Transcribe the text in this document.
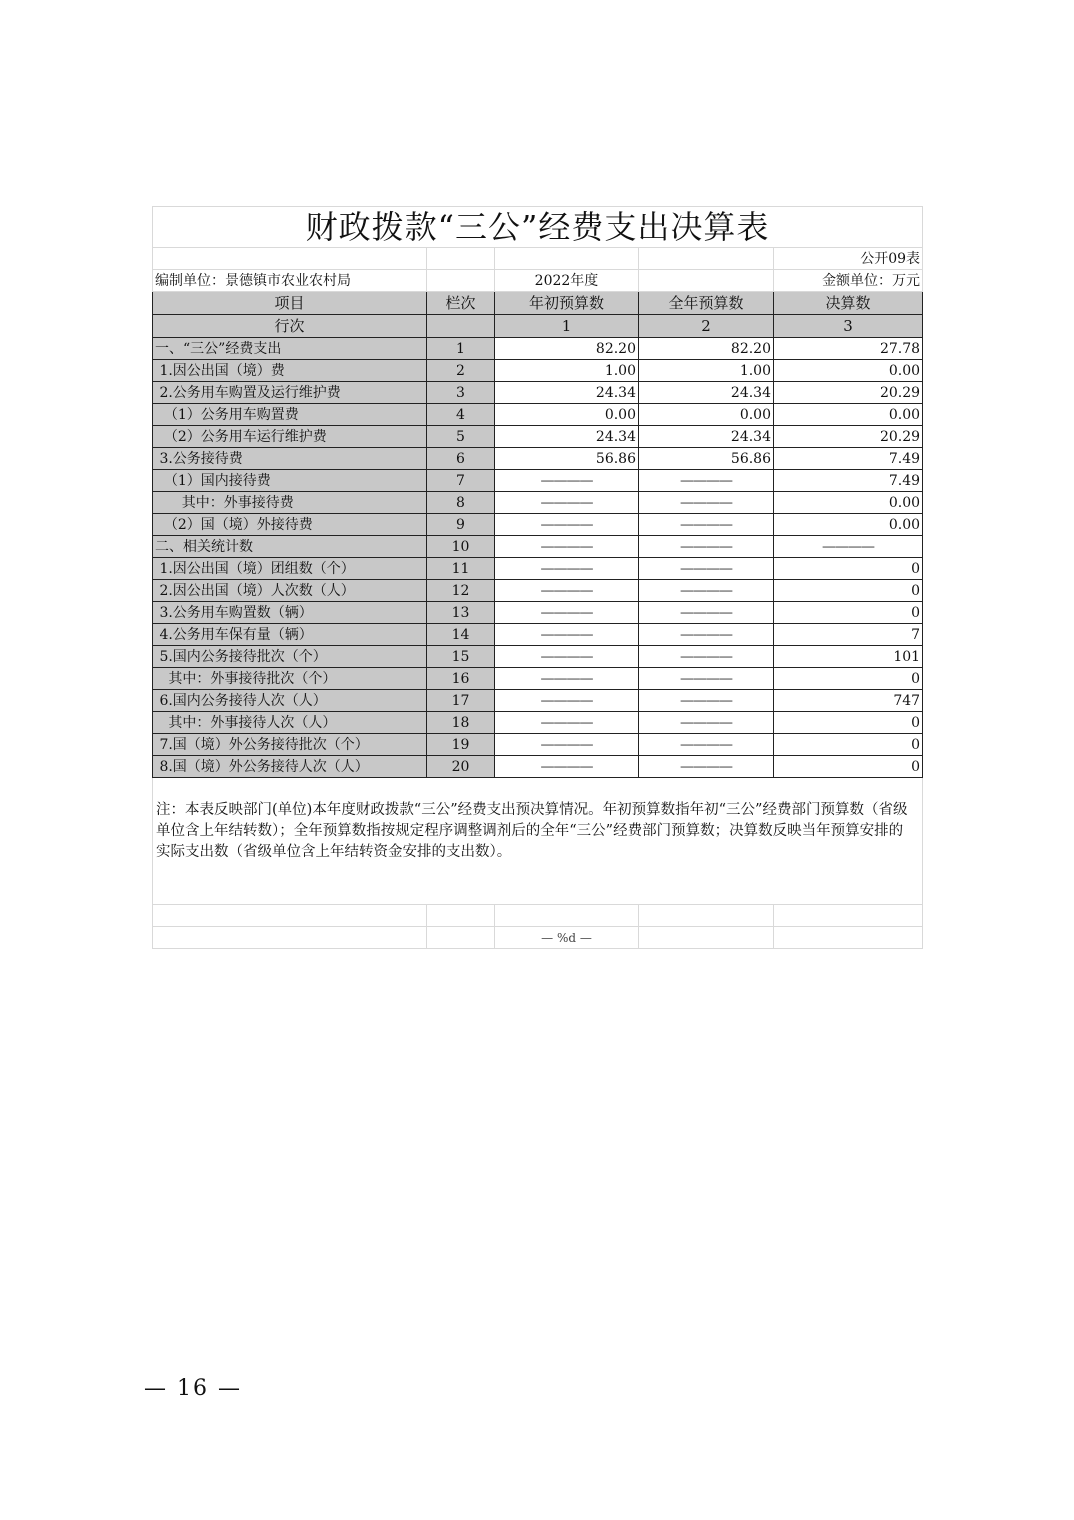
财政拨款“三公”经费支出决算表				
				公开09表
编制单位：景德镇市农业农村局		2022年度		金额单位：万元
项目	栏次	年初预算数	全年预算数	决算数
行次		1	2	3
一、“三公”经费支出	1	82.20	82.20	27.78
1.因公出国（境）费	2	1.00	1.00	0.00
2.公务用车购置及运行维护费	3	24.34	24.34	20.29
（1）公务用车购置费	4	0.00	0.00	0.00
（2）公务用车运行维护费	5	24.34	24.34	20.29
3.公务接待费	6	56.86	56.86	7.49
（1）国内接待费	7	————	————	7.49
其中：外事接待费	8	————	————	0.00
（2）国（境）外接待费	9	————	————	0.00
二、相关统计数	10	————	————	————
1.因公出国（境）团组数（个）	11	————	————	0
2.因公出国（境）人次数（人）	12	————	————	0
3.公务用车购置数（辆）	13	————	————	0
4.公务用车保有量（辆）	14	————	————	7
5.国内公务接待批次（个）	15	————	————	101
其中：外事接待批次（个）	16	————	————	0
6.国内公务接待人次（人）	17	————	————	747
其中：外事接待人次（人）	18	————	————	0
7.国（境）外公务接待批次（个）	19	————	————	0
8.国（境）外公务接待人次（人）	20	————	————	0
注：本表反映部门(单位)本年度财政拨款“三公”经费支出预决算情况。年初预算数指年初“三公”经费部门预算数（省级单位含上年结转数）；全年预算数指按规定程序调整调剂后的全年“三公”经费部门预算数；决算数反映当年预算安排的实际支出数（省级单位含上年结转资金安排的支出数）。				

		— %d —		
— 16 —
